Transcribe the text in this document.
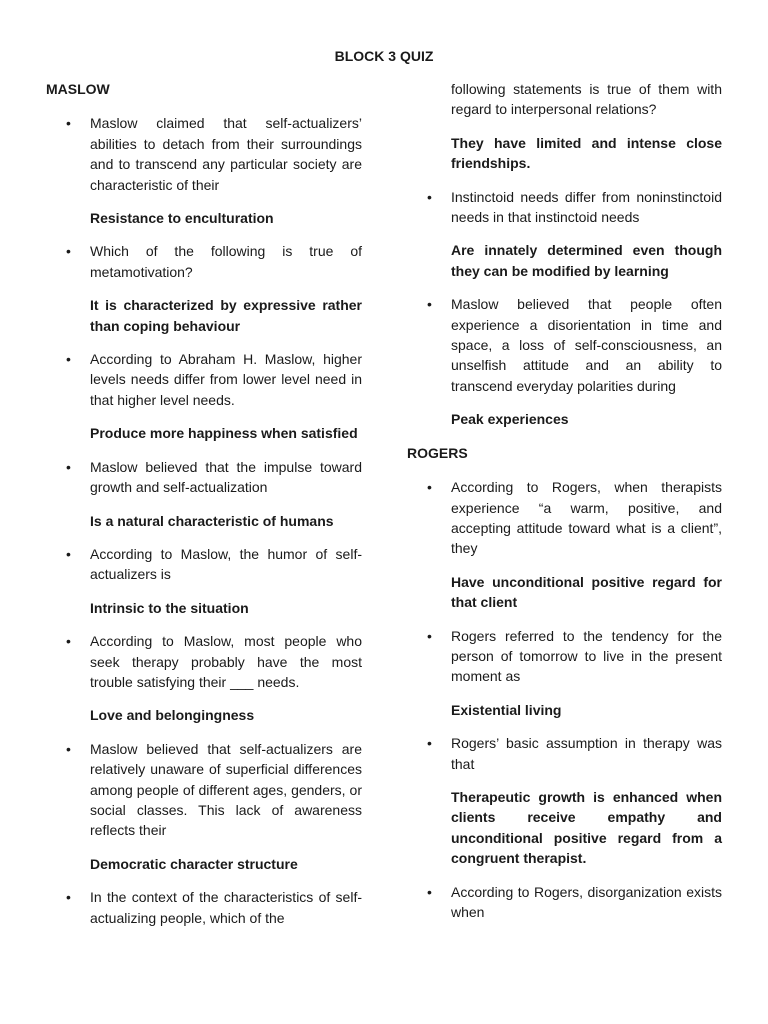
BLOCK 3 QUIZ
MASLOW
• Maslow claimed that self-actualizers’ abilities to detach from their surroundings and to transcend any particular society are characteristic of their
Resistance to enculturation
• Which of the following is true of metamotivation?
It is characterized by expressive rather than coping behaviour
• According to Abraham H. Maslow, higher levels needs differ from lower level need in that higher level needs.
Produce more happiness when satisfied
• Maslow believed that the impulse toward growth and self-actualization
Is a natural characteristic of humans
• According to Maslow, the humor of self-actualizers is
Intrinsic to the situation
• According to Maslow, most people who seek therapy probably have the most trouble satisfying their ___ needs.
Love and belongingness
• Maslow believed that self-actualizers are relatively unaware of superficial differences among people of different ages, genders, or social classes. This lack of awareness reflects their
Democratic character structure
• In the context of the characteristics of self-actualizing people, which of the
following statements is true of them with regard to interpersonal relations?
They have limited and intense close friendships.
• Instinctoid needs differ from noninstinctoid needs in that instinctoid needs
Are innately determined even though they can be modified by learning
• Maslow believed that people often experience a disorientation in time and space, a loss of self-consciousness, an unselfish attitude and an ability to transcend everyday polarities during
Peak experiences
ROGERS
• According to Rogers, when therapists experience “a warm, positive, and accepting attitude toward what is a client”, they
Have unconditional positive regard for that client
• Rogers referred to the tendency for the person of tomorrow to live in the present moment as
Existential living
• Rogers’ basic assumption in therapy was that
Therapeutic growth is enhanced when clients receive empathy and unconditional positive regard from a congruent therapist.
• According to Rogers, disorganization exists when
